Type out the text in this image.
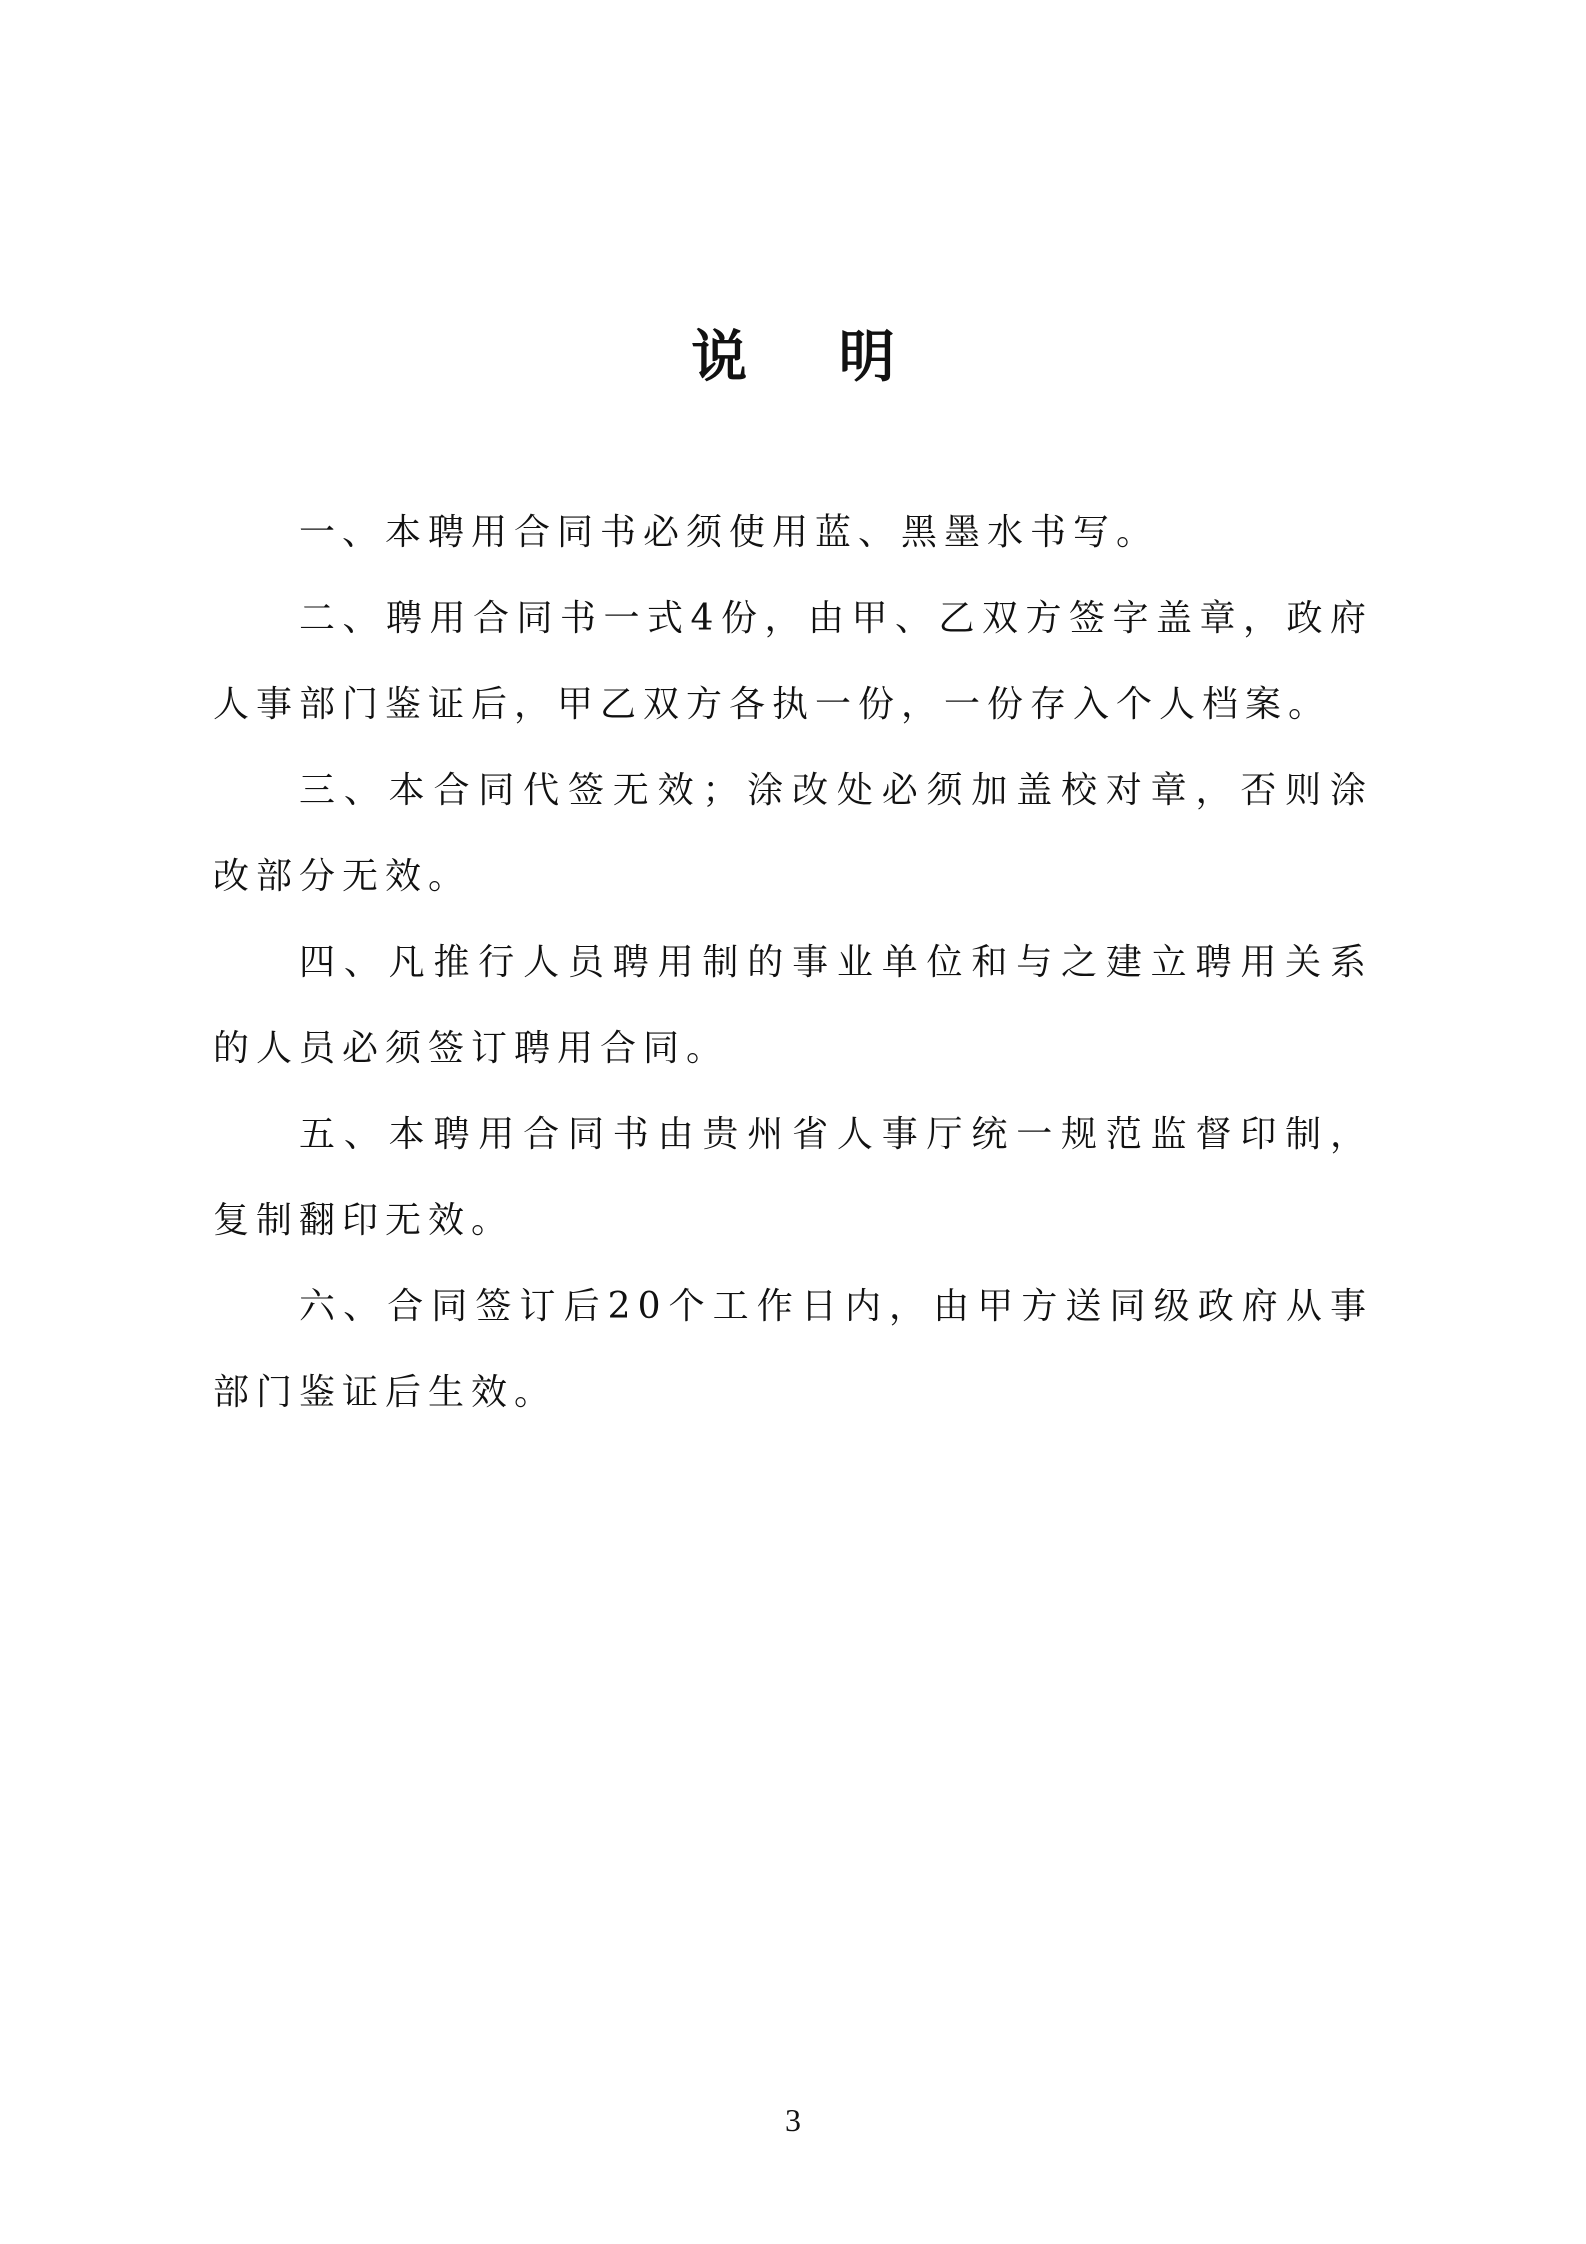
说 明

一、本聘用合同书必须使用蓝、黑墨水书写。

二、聘用合同书一式4份，由甲、乙双方签字盖章，政府人事部门鉴证后，甲乙双方各执一份，一份存入个人档案。

三、本合同代签无效；涂改处必须加盖校对章，否则涂改部分无效。

四、凡推行人员聘用制的事业单位和与之建立聘用关系的人员必须签订聘用合同。

五、本聘用合同书由贵州省人事厅统一规范监督印制，复制翻印无效。

六、合同签订后20个工作日内，由甲方送同级政府从事部门鉴证后生效。

3
